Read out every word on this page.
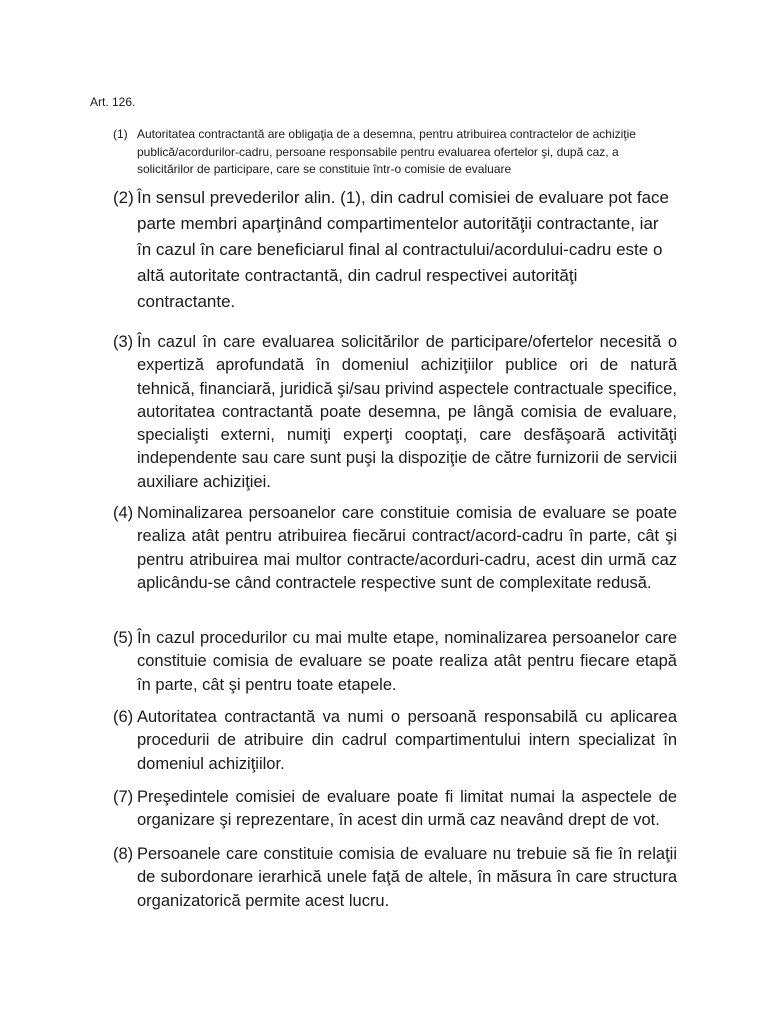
Art. 126.

(1) Autoritatea contractantă are obligaţia de a desemna, pentru atribuirea contractelor de achiziţie publică/acordurilor-cadru, persoane responsabile pentru evaluarea ofertelor şi, după caz, a solicitărilor de participare, care se constituie într-o comisie de evaluare

(2) În sensul prevederilor alin. (1), din cadrul comisiei de evaluare pot face parte membri aparţinând compartimentelor autorităţii contractante, iar în cazul în care beneficiarul final al contractului/acordului-cadru este o altă autoritate contractantă, din cadrul respectivei autorităţi contractante.

(3) În cazul în care evaluarea solicitărilor de participare/ofertelor necesită o expertiză aprofundată în domeniul achiziţiilor publice ori de natură tehnică, financiară, juridică şi/sau privind aspectele contractuale specifice, autoritatea contractantă poate desemna, pe lângă comisia de evaluare, specialişti externi, numiţi experţi cooptaţi, care desfăşoară activităţi independente sau care sunt puşi la dispoziţie de către furnizorii de servicii auxiliare achiziţiei.

(4) Nominalizarea persoanelor care constituie comisia de evaluare se poate realiza atât pentru atribuirea fiecărui contract/acord-cadru în parte, cât şi pentru atribuirea mai multor contracte/acorduri-cadru, acest din urmă caz aplicându-se când contractele respective sunt de complexitate redusă.

(5) În cazul procedurilor cu mai multe etape, nominalizarea persoanelor care constituie comisia de evaluare se poate realiza atât pentru fiecare etapă în parte, cât şi pentru toate etapele.

(6) Autoritatea contractantă va numi o persoană responsabilă cu aplicarea procedurii de atribuire din cadrul compartimentului intern specializat în domeniul achiziţiilor.

(7) Preşedintele comisiei de evaluare poate fi limitat numai la aspectele de organizare şi reprezentare, în acest din urmă caz neavând drept de vot.

(8) Persoanele care constituie comisia de evaluare nu trebuie să fie în relaţii de subordonare ierarhică unele faţă de altele, în măsura în care structura organizatorică permite acest lucru.
